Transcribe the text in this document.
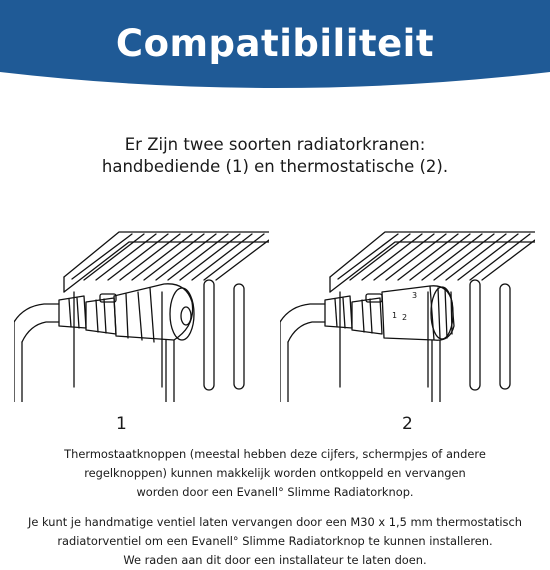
Compatibiliteit
Er Zijn twee soorten radiatorkranen:
handbediende (1) en thermostatische (2).
1 2
3
1	2
Thermostaatknoppen (meestal hebben deze cijfers, schermpjes of andere
regelknoppen) kunnen makkelijk worden ontkoppeld en vervangen
worden door een Evanell° Slimme Radiatorknop.
Je kunt je handmatige ventiel laten vervangen door een M30 x 1,5 mm thermostatisch
radiatorventiel om een Evanell° Slimme Radiatorknop te kunnen installeren.
We raden aan dit door een installateur te laten doen.
